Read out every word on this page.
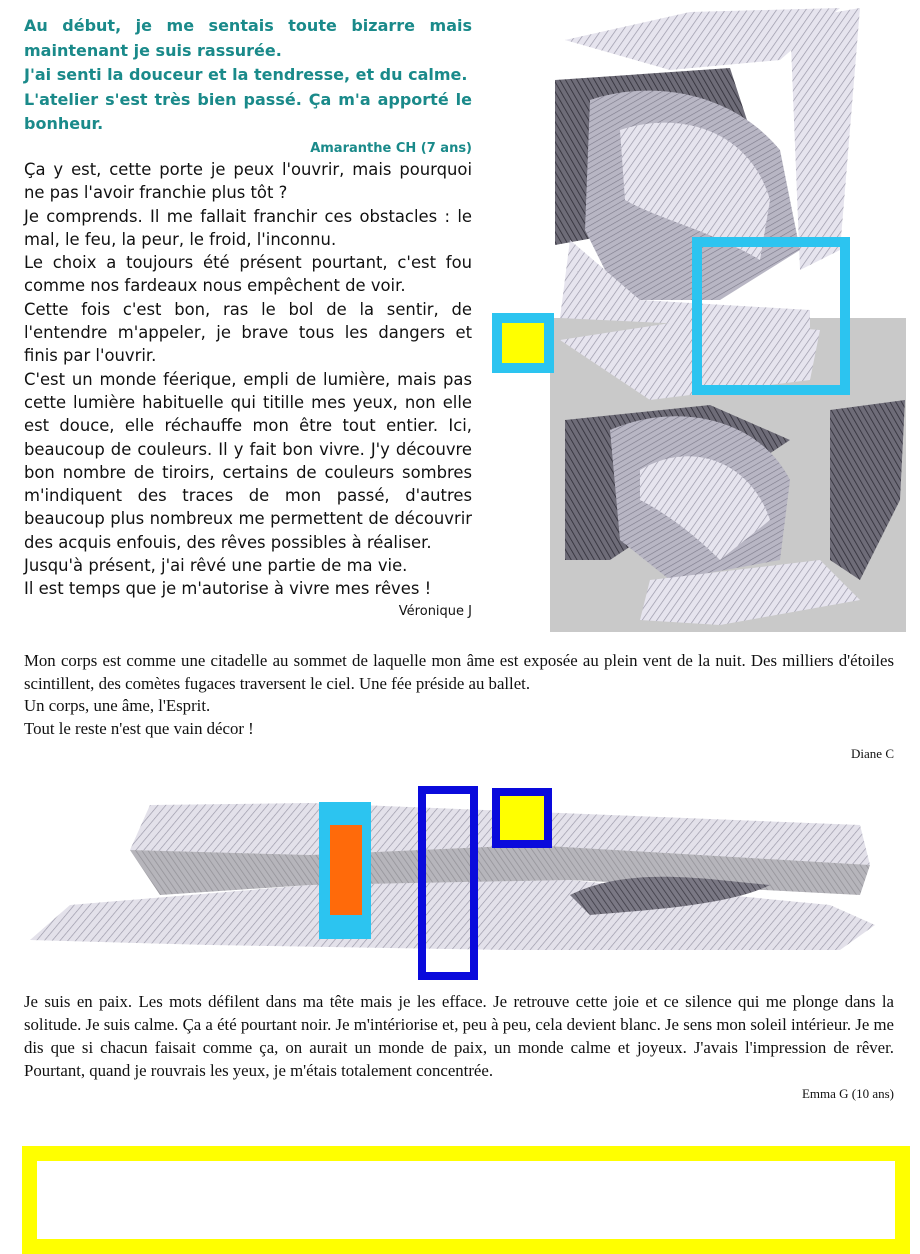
Au début, je me sentais toute bizarre mais maintenant je suis rassurée.

J'ai senti la douceur et la tendresse, et du calme.

L'atelier s'est très bien passé. Ça m'a apporté le bonheur.

Amaranthe CH (7 ans)

Ça y est, cette porte je peux l'ouvrir, mais pourquoi ne pas l'avoir franchie plus tôt ?

Je comprends. Il me fallait franchir ces obstacles : le mal, le feu, la peur, le froid, l'inconnu.

Le choix a toujours été présent pourtant, c'est fou comme nos fardeaux nous empêchent de voir.

Cette fois c'est bon, ras le bol de la sentir, de l'entendre m'appeler, je brave tous les dangers et finis par l'ouvrir.

C'est un monde féerique, empli de lumière, mais pas cette lumière habituelle qui titille mes yeux, non elle est douce, elle réchauffe mon être tout entier. Ici, beaucoup de couleurs. Il y fait bon vivre. J'y découvre bon nombre de tiroirs, certains de couleurs sombres m'indiquent des traces de mon passé, d'autres beaucoup plus nombreux me permettent de découvrir des acquis enfouis, des rêves possibles à réaliser.

Jusqu'à présent, j'ai rêvé une partie de ma vie.

Il est temps que je m'autorise à vivre mes rêves !

Véronique J

Mon corps est comme une citadelle au sommet de laquelle mon âme est exposée au plein vent de la nuit. Des milliers d'étoiles scintillent, des comètes fugaces traversent le ciel. Une fée préside au ballet.

Un corps, une âme, l'Esprit.

Tout le reste n'est que vain décor !

Diane C

Je suis en paix. Les mots défilent dans ma tête mais je les efface. Je retrouve cette joie et ce silence qui me plonge dans la solitude. Je suis calme. Ça a été pourtant noir. Je m'intériorise et, peu à peu, cela devient blanc. Je sens mon soleil intérieur. Je me dis que si chacun faisait comme ça, on aurait un monde de paix, un monde calme et joyeux. J'avais l'impression de rêver. Pourtant, quand je rouvrais les yeux, je m'étais totalement concentrée.

Emma G (10 ans)
